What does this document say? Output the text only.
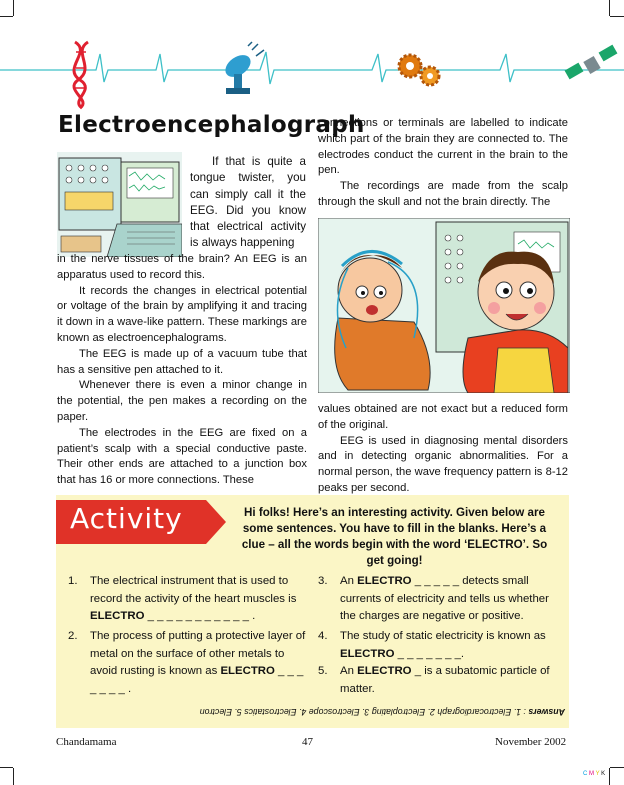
Electroencephalograph
If that is quite a tongue twister, you can simply call it the EEG. Did you know that electrical activity is always happening

in the nerve tissues of the brain? An EEG is an apparatus used to record this.

It records the changes in electrical potential or voltage of the brain by amplifying it and tracing it down in a wave-like pattern. These markings are known as electroencephalograms.

The EEG is made up of a vacuum tube that has a sensitive pen attached to it.

Whenever there is even a minor change in the potential, the pen makes a recording on the paper.

The electrodes in the EEG are fixed on a patient’s scalp with a special conductive paste. Their other ends are attached to a junction box that has 16 or more connections. These

connections or terminals are labelled to indicate which part of the brain they are connected to. The electrodes conduct the current in the brain to the pen.

The recordings are made from the scalp through the skull and not the brain directly. The

values obtained are not exact but a reduced form of the original.

EEG is used in diagnosing mental disorders and in detecting organic abnormalities. For a normal person, the wave frequency pattern is 8-12 peaks per second.

Activity	Hi folks! Here’s an interesting activity. Given below are some sentences. You have to fill in the blanks. Here’s a clue – all the words begin with the word ‘ELECTRO’. So get going!
1. The electrical instrument that is used to record the activity of the heart muscles is ELECTRO _ _ _ _ _ _ _ _ _ _ _ .
2. The process of putting a protective layer of metal on the surface of other metals to avoid rusting is known as ELECTRO _ _ _ _ _ _ _ .
3. An ELECTRO _ _ _ _ _ detects small currents of electricity and tells us whether the charges are negative or positive.
4. The study of static electricity is known as ELECTRO _ _ _ _ _ _ _.
5. An ELECTRO _ is a subatomic particle of matter.
Answers : 1. Electrocardiograph 2. Electroplating 3. Electroscope 4. Electrostatics 5. Electron
Chandamama	47	November 2002
C M Y K
